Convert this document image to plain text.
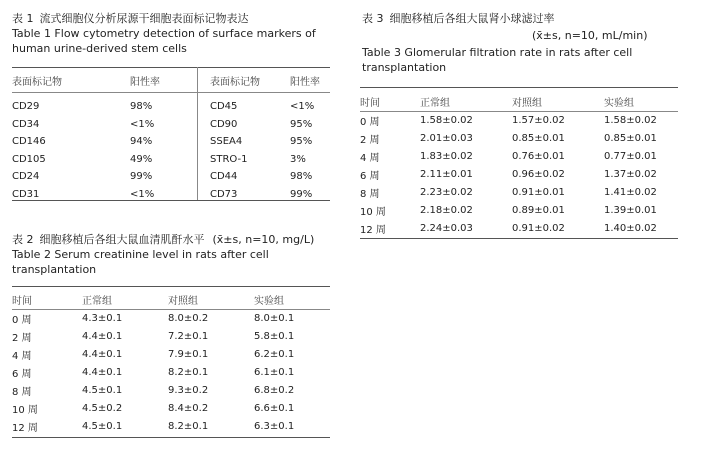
表 1 流式细胞仪分析尿源干细胞表面标记物表达
Table 1 Flow cytometry detection of surface markers of
human urine-derived stem cells
表面标记物	阳性率	表面标记物	阳性率
CD29	98%	CD45	<1%
CD34	<1%	CD90	95%
CD146	94%	SSEA4	95%
CD105	49%	STRO-1	3%
CD24	99%	CD44	98%
CD31	<1%	CD73	99%
表 2 细胞移植后各组大鼠血清肌酐水平 (x̄±s, n=10, mg/L)
Table 2 Serum creatinine level in rats after cell
transplantation
时间	正常组	对照组	实验组
0 周	4.3±0.1	8.0±0.2	8.0±0.1
2 周	4.4±0.1	7.2±0.1	5.8±0.1
4 周	4.4±0.1	7.9±0.1	6.2±0.1
6 周	4.4±0.1	8.2±0.1	6.1±0.1
8 周	4.5±0.1	9.3±0.2	6.8±0.2
10 周	4.5±0.2	8.4±0.2	6.6±0.1
12 周	4.5±0.1	8.2±0.1	6.3±0.1
表 3 细胞移植后各组大鼠肾小球滤过率
(x̄±s, n=10, mL/min)
Table 3 Glomerular filtration rate in rats after cell
transplantation
时间	正常组	对照组	实验组
0 周	1.58±0.02	1.57±0.02	1.58±0.02
2 周	2.01±0.03	0.85±0.01	0.85±0.01
4 周	1.83±0.02	0.76±0.01	0.77±0.01
6 周	2.11±0.01	0.96±0.02	1.37±0.02
8 周	2.23±0.02	0.91±0.01	1.41±0.02
10 周	2.18±0.02	0.89±0.01	1.39±0.01
12 周	2.24±0.03	0.91±0.02	1.40±0.02
